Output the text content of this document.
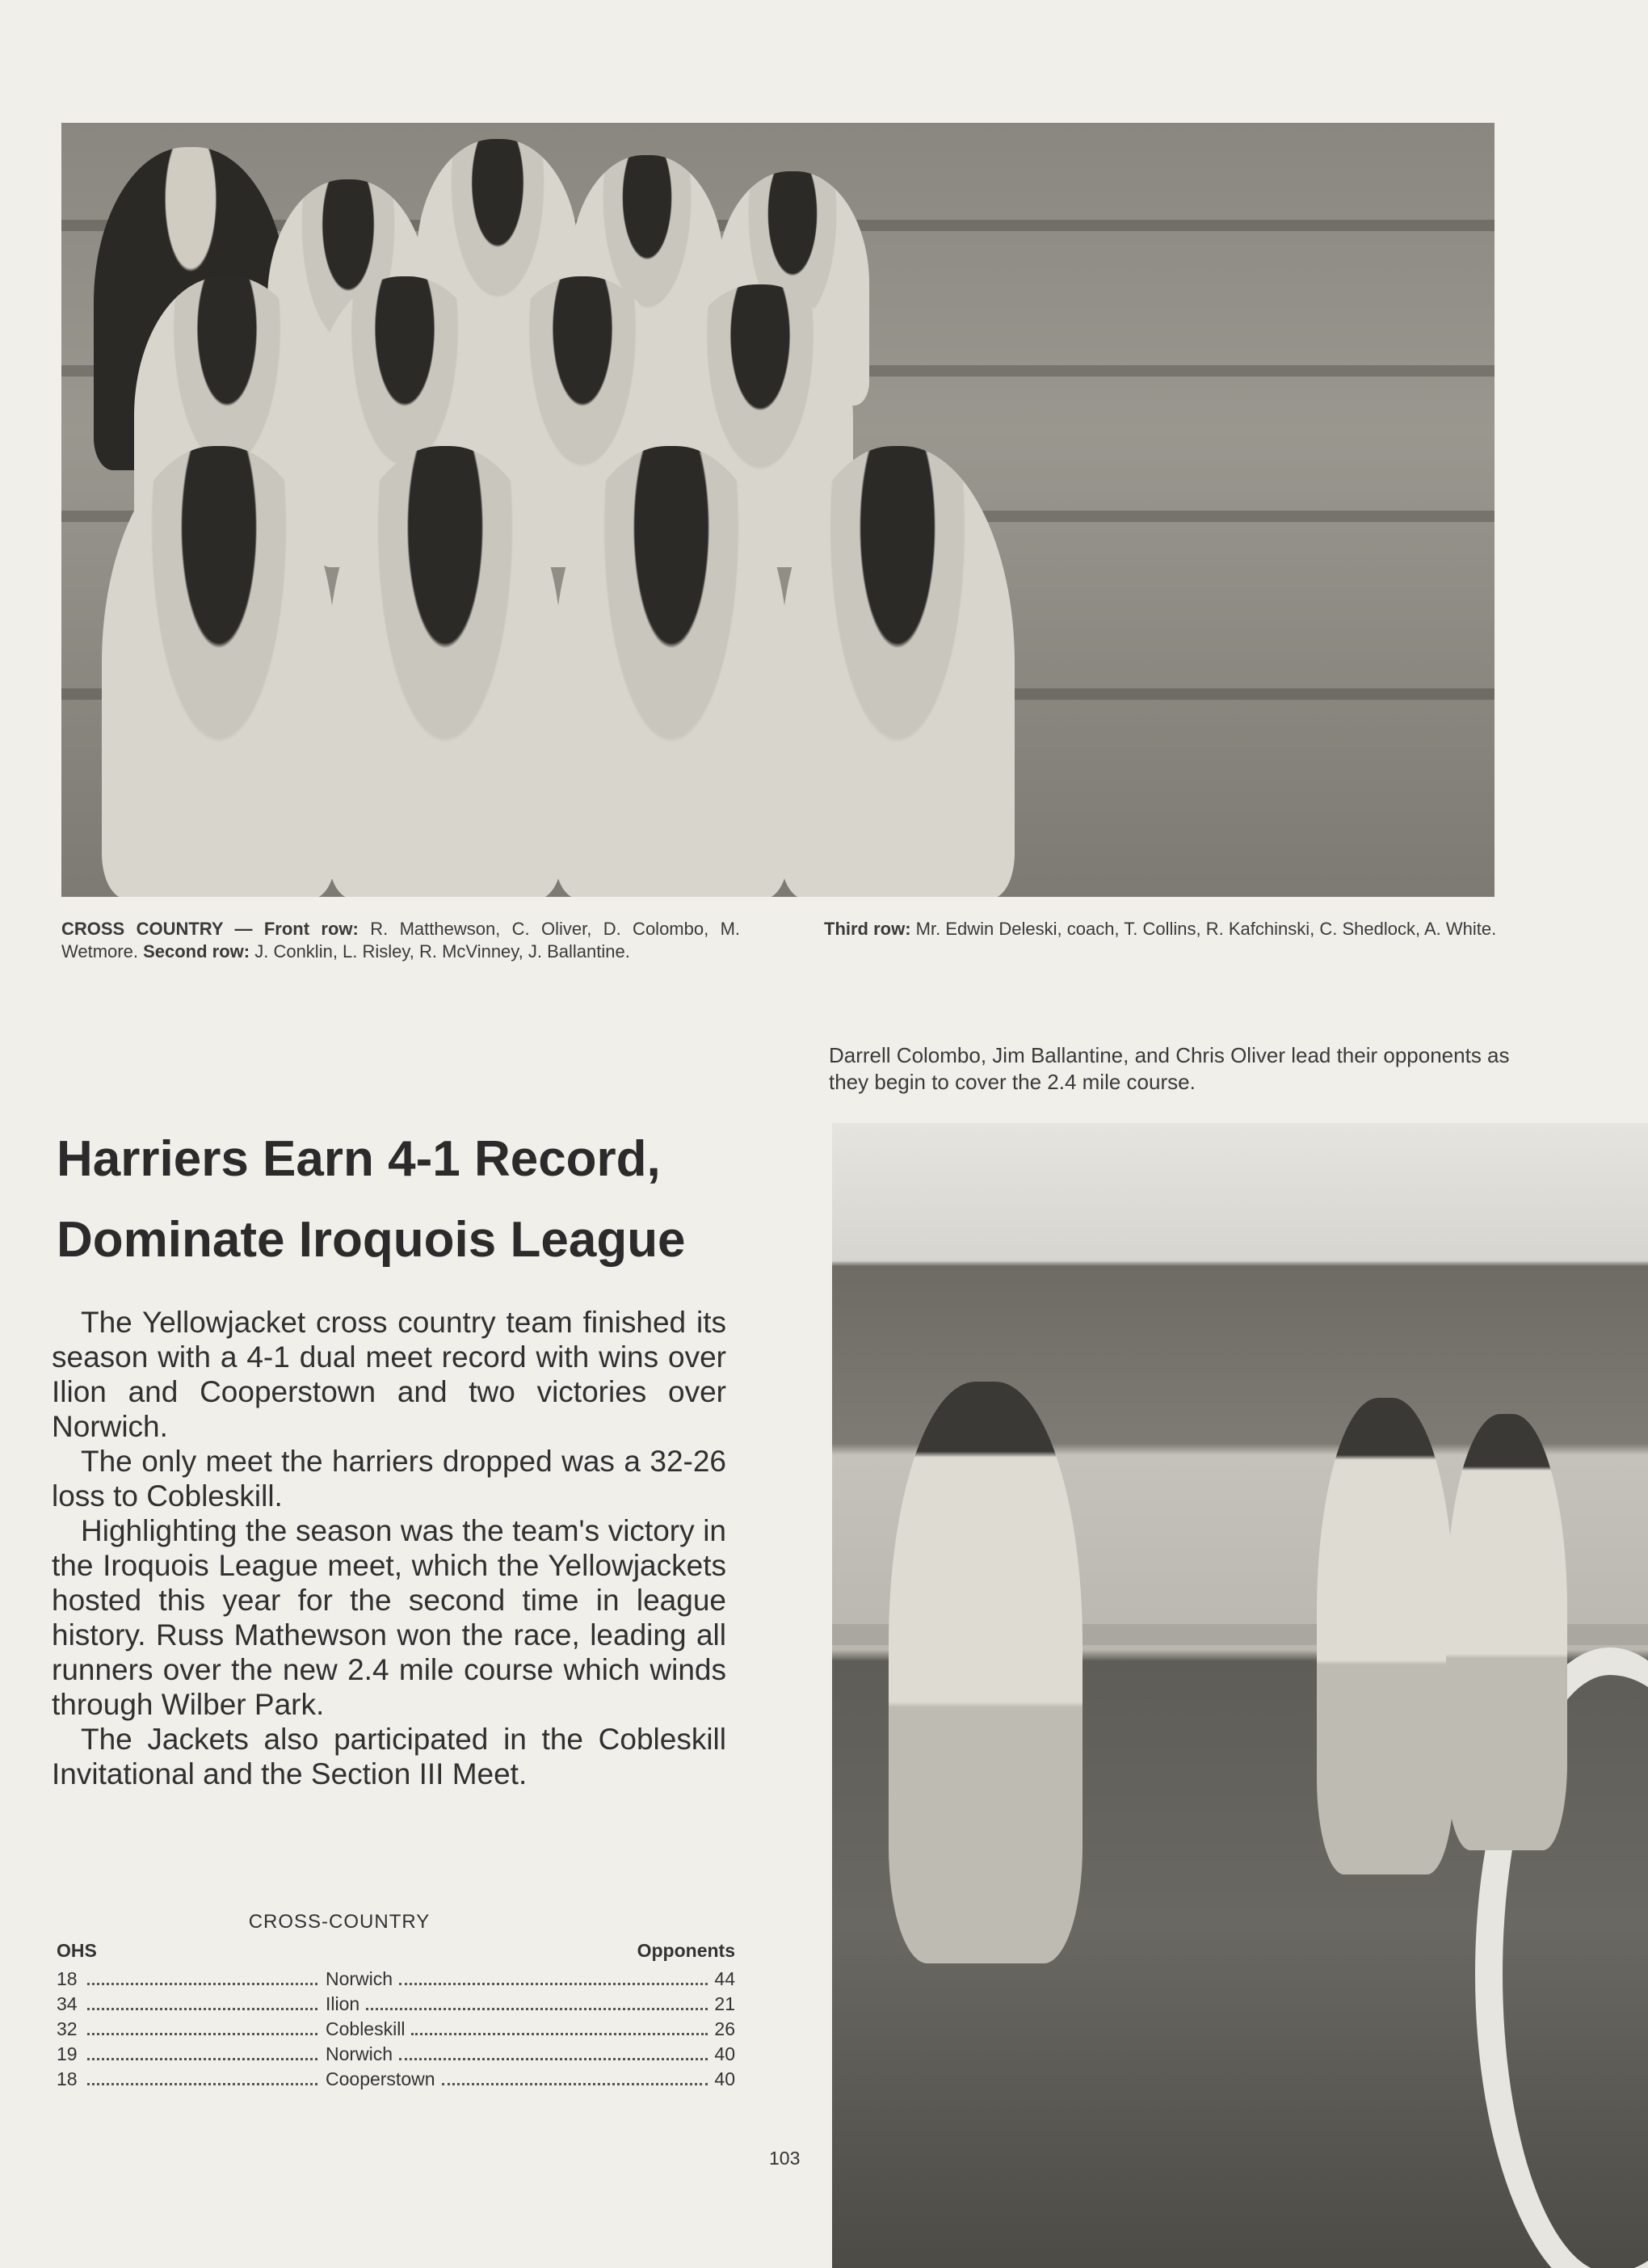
CROSS COUNTRY — Front row: R. Matthewson, C. Oliver, D. Colombo, M. Wetmore. Second row: J. Conklin, L. Risley, R. McVinney, J. Ballantine.
Third row: Mr. Edwin Deleski, coach, T. Collins, R. Kafchinski, C. Shedlock, A. White.
Darrell Colombo, Jim Ballantine, and Chris Oliver lead their opponents as they begin to cover the 2.4 mile course.
Harriers Earn 4-1 Record,
Dominate Iroquois League

The Yellowjacket cross country team finished its season with a 4-1 dual meet record with wins over Ilion and Cooperstown and two victories over Norwich.

The only meet the harriers dropped was a 32-26 loss to Cobleskill.

Highlighting the season was the team's victory in the Iroquois League meet, which the Yellowjackets hosted this year for the second time in league history. Russ Mathewson won the race, leading all runners over the new 2.4 mile course which winds through Wilber Park.

The Jackets also participated in the Cobleskill Invitational and the Section III Meet.

CROSS-COUNTRY
OHS	Opponents
18	Norwich	44
34	Ilion	21
32	Cobleskill	26
19	Norwich	40
18	Cooperstown	40
103
